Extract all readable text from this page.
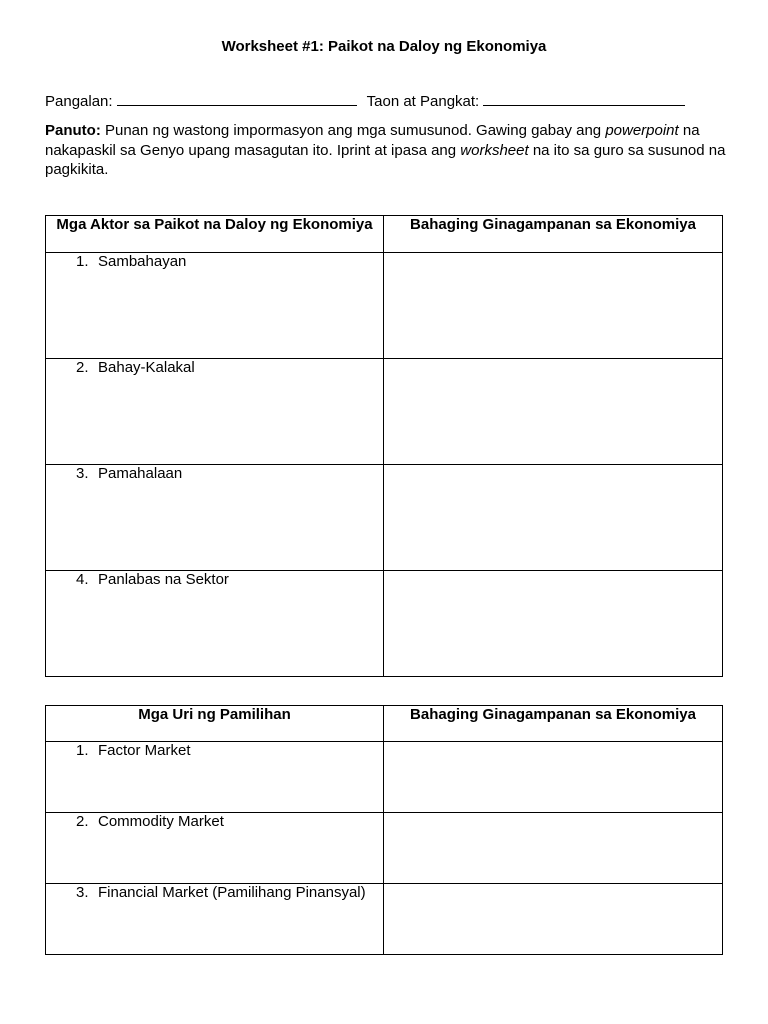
Worksheet #1: Paikot na Daloy ng Ekonomiya
Pangalan:	Taon at Pangkat:
Panuto: Punan ng wastong impormasyon ang mga sumusunod. Gawing gabay ang powerpoint na nakapaskil sa Genyo upang masagutan ito. Iprint at ipasa ang worksheet na ito sa guro sa susunod na pagkikita.
Mga Aktor sa Paikot na Daloy ng Ekonomiya	Bahaging Ginagampanan sa Ekonomiya

1. Sambahayan	

2. Bahay-Kalakal	

3. Pamahalaan	

4. Panlabas na Sektor	

Mga Uri ng Pamilihan	Bahaging Ginagampanan sa Ekonomiya

1. Factor Market	

2. Commodity Market	

3. Financial Market (Pamilihang Pinansyal)	
